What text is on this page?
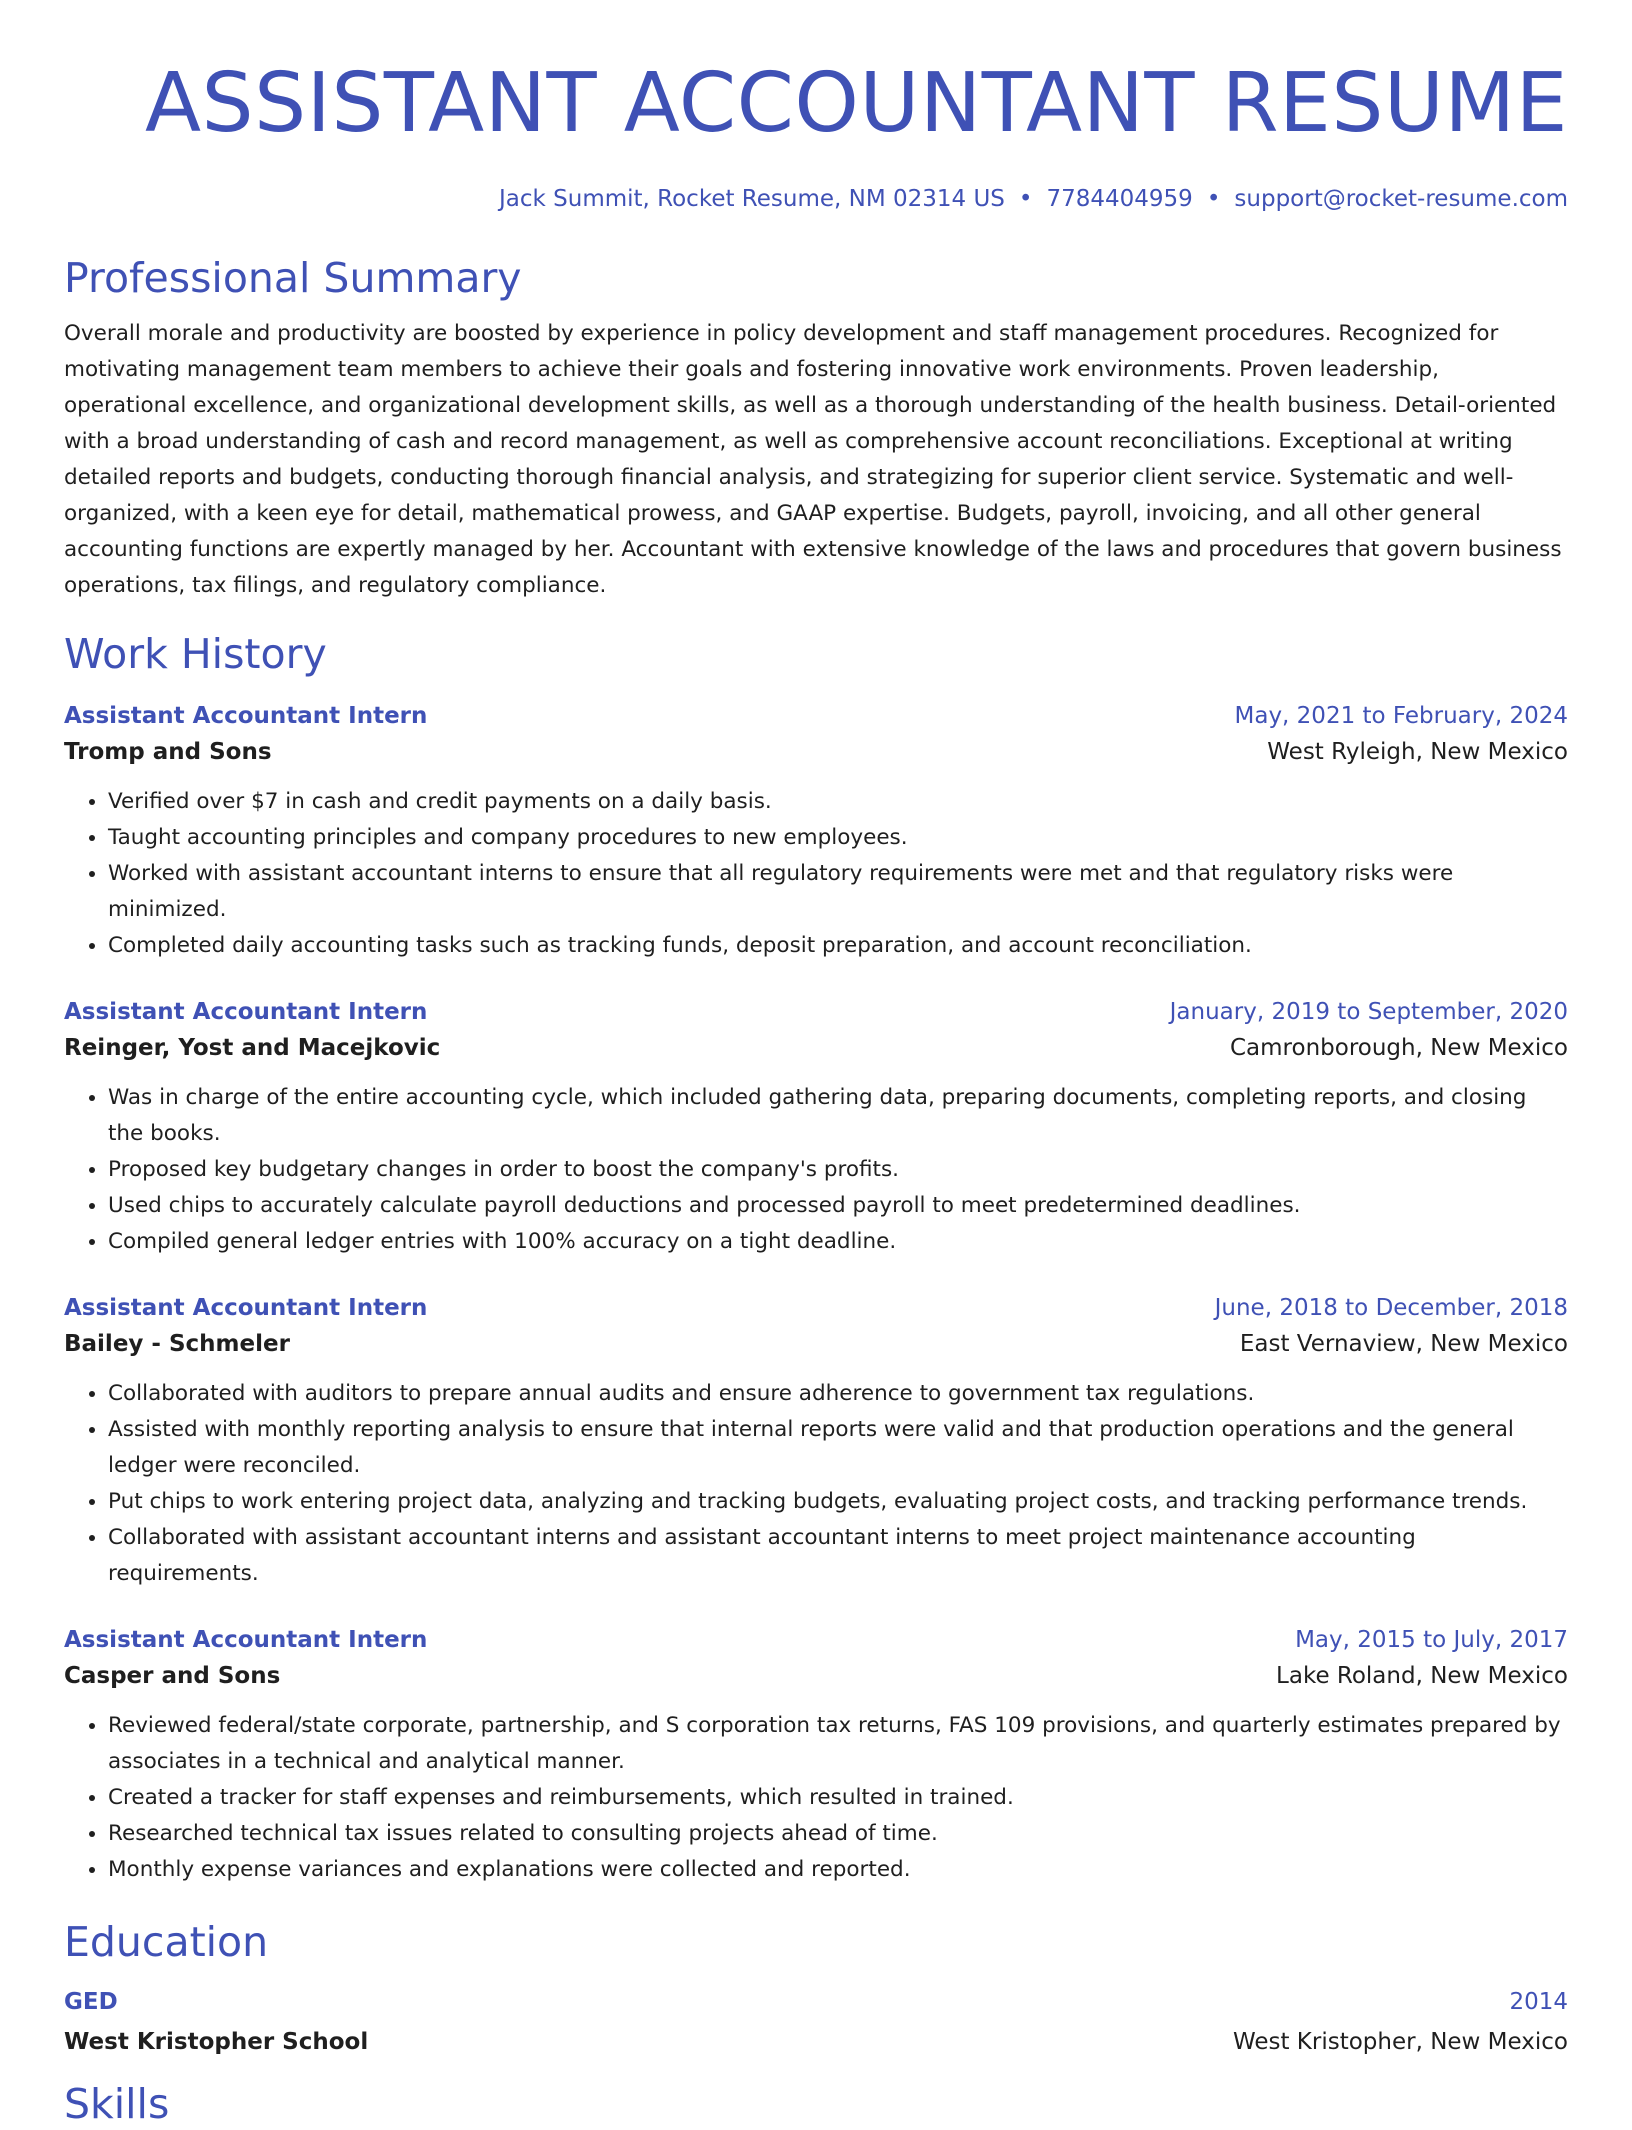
ASSISTANT ACCOUNTANT RESUME
Jack Summit, Rocket Resume, NM 02314 US • 7784404959 • support@rocket-resume.com
Professional Summary

Overall morale and productivity are boosted by experience in policy development and staff management procedures. Recognized for motivating management team members to achieve their goals and fostering innovative work environments. Proven leadership, operational excellence, and organizational development skills, as well as a thorough understanding of the health business. Detail-oriented with a broad understanding of cash and record management, as well as comprehensive account reconciliations. Exceptional at writing detailed reports and budgets, conducting thorough financial analysis, and strategizing for superior client service. Systematic and well-organized, with a keen eye for detail, mathematical prowess, and GAAP expertise. Budgets, payroll, invoicing, and all other general accounting functions are expertly managed by her. Accountant with extensive knowledge of the laws and procedures that govern business operations, tax filings, and regulatory compliance.

Work History
Assistant Accountant Intern	May, 2021 to February, 2024
Tromp and Sons	West Ryleigh, New Mexico
• Verified over $7 in cash and credit payments on a daily basis.
• Taught accounting principles and company procedures to new employees.
• Worked with assistant accountant interns to ensure that all regulatory requirements were met and that regulatory risks were minimized.
• Completed daily accounting tasks such as tracking funds, deposit preparation, and account reconciliation.
Assistant Accountant Intern	January, 2019 to September, 2020
Reinger, Yost and Macejkovic	Camronborough, New Mexico
• Was in charge of the entire accounting cycle, which included gathering data, preparing documents, completing reports, and closing the books.
• Proposed key budgetary changes in order to boost the company's profits.
• Used chips to accurately calculate payroll deductions and processed payroll to meet predetermined deadlines.
• Compiled general ledger entries with 100% accuracy on a tight deadline.
Assistant Accountant Intern	June, 2018 to December, 2018
Bailey - Schmeler	East Vernaview, New Mexico
• Collaborated with auditors to prepare annual audits and ensure adherence to government tax regulations.
• Assisted with monthly reporting analysis to ensure that internal reports were valid and that production operations and the general ledger were reconciled.
• Put chips to work entering project data, analyzing and tracking budgets, evaluating project costs, and tracking performance trends.
• Collaborated with assistant accountant interns and assistant accountant interns to meet project maintenance accounting requirements.
Assistant Accountant Intern	May, 2015 to July, 2017
Casper and Sons	Lake Roland, New Mexico
• Reviewed federal/state corporate, partnership, and S corporation tax returns, FAS 109 provisions, and quarterly estimates prepared by associates in a technical and analytical manner.
• Created a tracker for staff expenses and reimbursements, which resulted in trained.
• Researched technical tax issues related to consulting projects ahead of time.
• Monthly expense variances and explanations were collected and reported.
Education
GED	2014
West Kristopher School	West Kristopher, New Mexico
Skills
